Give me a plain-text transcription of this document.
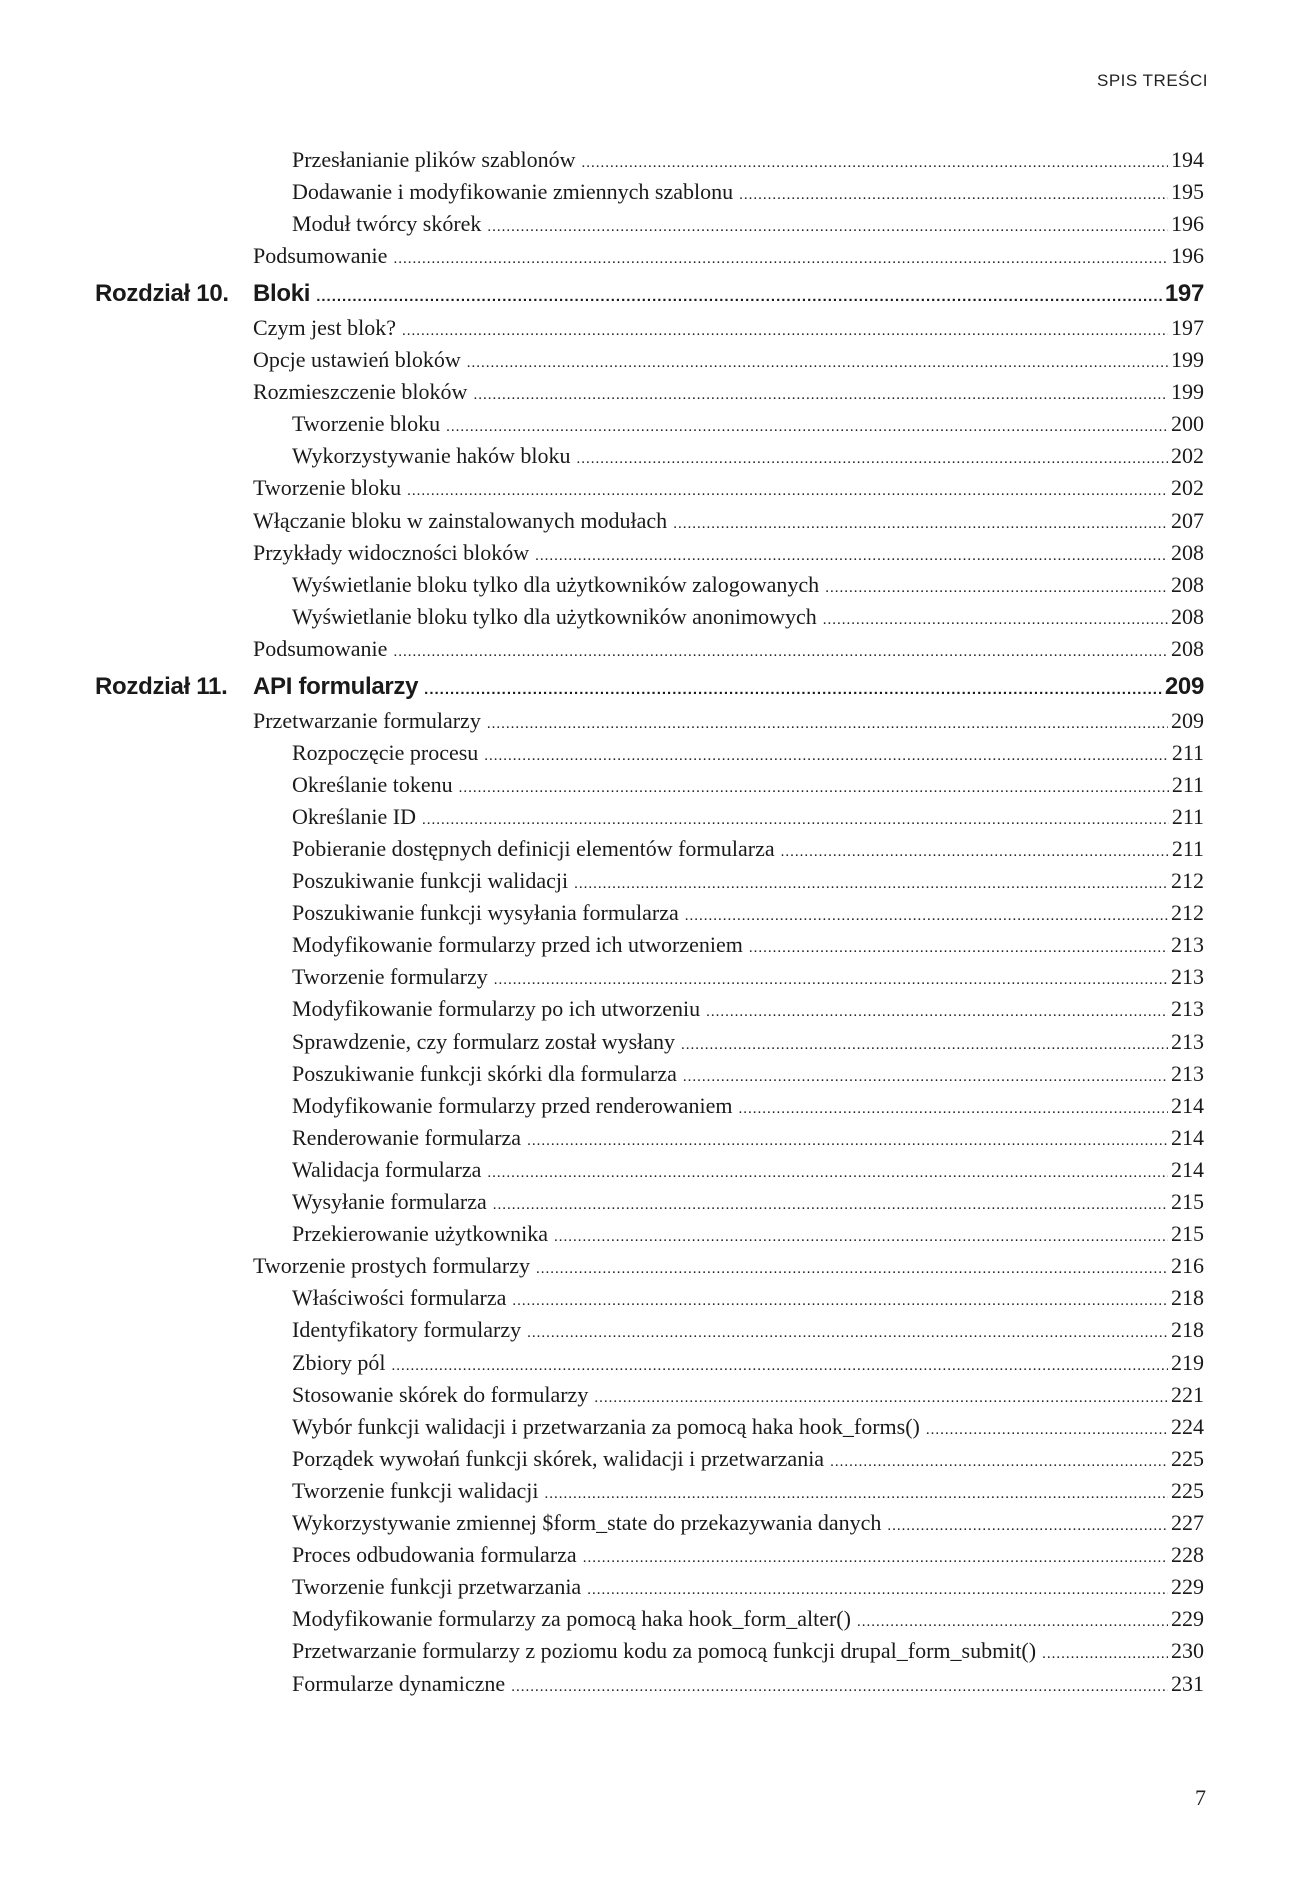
SPIS TREŚCI
Przesłanianie plików szablonów .....	194
Dodawanie i modyfikowanie zmiennych szablonu .....	195
Moduł twórcy skórek .....	196
Podsumowanie .....	196
Rozdział 10. Bloki .....	197
Czym jest blok? .....	197
Opcje ustawień bloków .....	199
Rozmieszczenie bloków .....	199
Tworzenie bloku .....	200
Wykorzystywanie haków bloku .....	202
Tworzenie bloku .....	202
Włączanie bloku w zainstalowanych modułach .....	207
Przykłady widoczności bloków .....	208
Wyświetlanie bloku tylko dla użytkowników zalogowanych .....	208
Wyświetlanie bloku tylko dla użytkowników anonimowych .....	208
Podsumowanie .....	208
Rozdział 11. API formularzy .....	209
Przetwarzanie formularzy .....	209
Rozpoczęcie procesu .....	211
Określanie tokenu .....	211
Określanie ID .....	211
Pobieranie dostępnych definicji elementów formularza .....	211
Poszukiwanie funkcji walidacji .....	212
Poszukiwanie funkcji wysyłania formularza .....	212
Modyfikowanie formularzy przed ich utworzeniem .....	213
Tworzenie formularzy .....	213
Modyfikowanie formularzy po ich utworzeniu .....	213
Sprawdzenie, czy formularz został wysłany .....	213
Poszukiwanie funkcji skórki dla formularza .....	213
Modyfikowanie formularzy przed renderowaniem .....	214
Renderowanie formularza .....	214
Walidacja formularza .....	214
Wysyłanie formularza .....	215
Przekierowanie użytkownika .....	215
Tworzenie prostych formularzy .....	216
Właściwości formularza .....	218
Identyfikatory formularzy .....	218
Zbiory pól .....	219
Stosowanie skórek do formularzy .....	221
Wybór funkcji walidacji i przetwarzania za pomocą haka hook_forms() .....	224
Porządek wywołań funkcji skórek, walidacji i przetwarzania .....	225
Tworzenie funkcji walidacji .....	225
Wykorzystywanie zmiennej $form_state do przekazywania danych .....	227
Proces odbudowania formularza .....	228
Tworzenie funkcji przetwarzania .....	229
Modyfikowanie formularzy za pomocą haka hook_form_alter() .....	229
Przetwarzanie formularzy z poziomu kodu za pomocą funkcji drupal_form_submit() .....	230
Formularze dynamiczne .....	231
7
